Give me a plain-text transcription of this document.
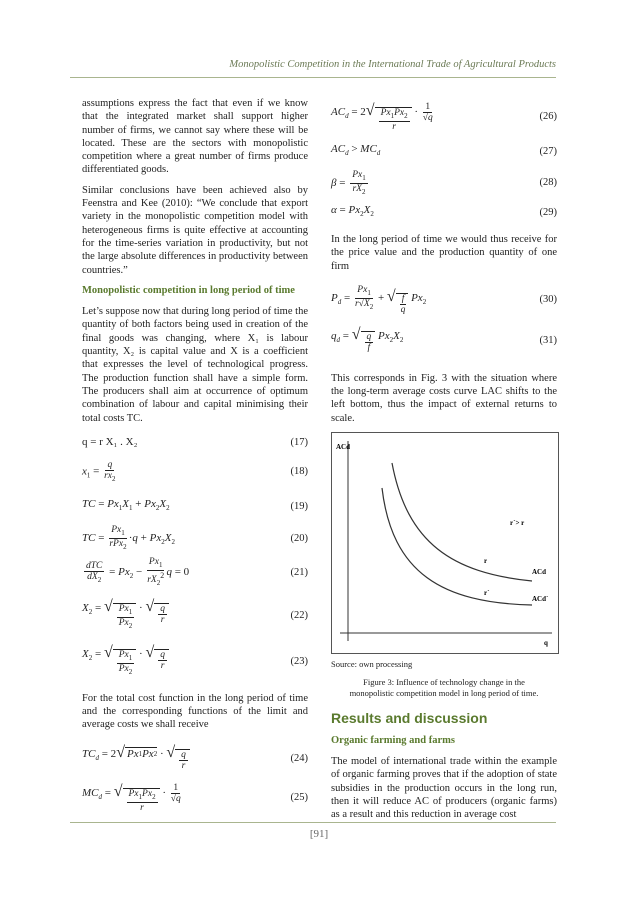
Monopolistic Competition in the International Trade of Agricultural Products

assumptions express the fact that even if we know that the integrated market shall support higher number of firms, we cannot say where these will be located. These are the sectors with monopolistic competition where a great number of firms produce differentiated goods.

Similar conclusions have been achieved also by Feenstra and Kee (2010): “We conclude that export variety in the monopolistic competition model with heterogeneous firms is quite effective at accounting for the time-series variation in productivity, but not the large absolute differences in productivity between countries.”

Monopolistic competition in long period of time

Let’s suppose now that during long period of time the quantity of both factors being used in creation of the final goods was changing, where X₁ is labour quantity, X₂ is capital value and X is a coefficient that expresses the level of technological progress. The production function shall have a simple form. The producers shall aim at occurrence of optimum combination of labour and capital minimising their total costs TC.

q = r X₁ . X₂	(17)
$x_1 = \frac{q}{rx_2}$	(18)
TC = $Px_1X_1 + Px_2X_2$	(19)
TC = $\frac{Px_1}{rPx_2} \cdot q + Px_2X_2$	(20)
$\frac{\text{dTC}}{dX_2} = Px_2 - \frac{Px_1}{rX_2^2}$ q = 0	(21)
$X_2$ = √ $\frac{Px_1}{Px_2}$ · √ $\frac{q}{r}$	(22)
$X_2$ = √ $\frac{Px_1}{Px_2}$ · √ $\frac{q}{r}$	(23)

For the total cost function in the long period of time and the corresponding functions of the limit and average costs we shall receive

$TC_d = 2√$ Px 1 Px 2 · √ $\frac{q}{r}$	(24)
$MC_d$ = √ $\frac{Px_1Px_2}{r} \cdot \frac{1}{√q}$	(25)
$AC_d = 2√ \frac{Px_1Px_2}{r} \cdot \frac{1}{√q}$	(26)
$AC_d > MC_d$	(27)
$\beta = \frac{Px_1}{rX_2}$	(28)
$\alpha = Px_2X_2$	(29)

In the long period of time we would thus receive for the price value and the production quantity of one firm

$P_d = \frac{Px_1}{r√X_2}$ + √ $\frac{f}{q} Px_2$	(30)
$q_d$ = √ $\frac{q}{f} Px_2X_2$	(31)

This corresponds in Fig. 3 with the situation where the long-term average costs curve LAC shifts to the left bottom, thus the impact of external returns to scale.

ACd
q
r
ACd
r´
ACd´
r´> r
Source: own processing
Figure 3: Influence of technology change in the monopolistic competition model in long period of time.
Results and discussion
Organic farming and farms

The model of international trade within the example of organic farming proves that if the adoption of state subsidies in the production occurs in the long run, then it will reduce AC of producers (organic farms) as a result and this reduction in average cost

[91]
